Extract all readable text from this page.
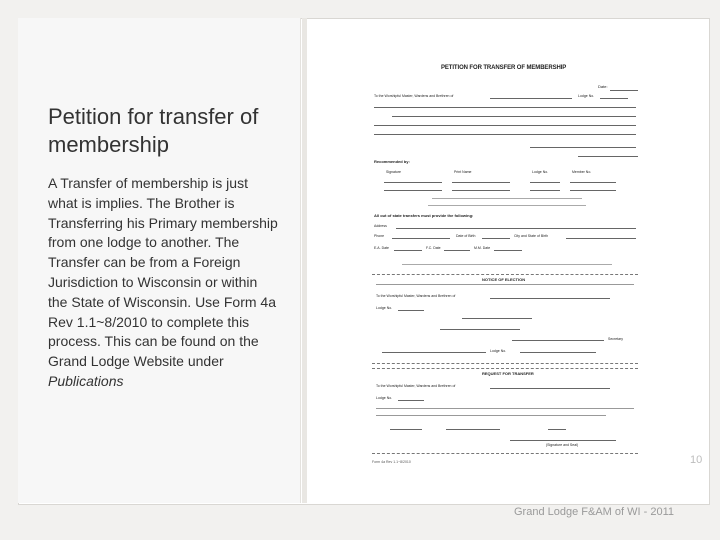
Petition for transfer of membership

A Transfer of membership is just what is implies. The Brother is Transferring his Primary membership from one lodge to another. The Transfer can be from a Foreign Jurisdiction to Wisconsin or within the State of Wisconsin. Use Form 4a Rev 1.1~8/2010 to complete this process. This can be found on the Grand Lodge Website under Publications

PETITION FOR TRANSFER OF MEMBERSHIP
Date:
To the Worshipful Master, Wardens and Brethren of	Lodge No.
Recommended by:
Signature	Print Name	Lodge No.	Member No.
All out of state transfers must provide the following:
Address
Phone	Date of Birth	City and State of Birth
E.A. Date	F.C. Date	M.M. Date
NOTICE OF ELECTION
To the Worshipful Master, Wardens and Brethren of
Lodge No.
Secretary
Lodge No.
REQUEST FOR TRANSFER
To the Worshipful Master, Wardens and Brethren of
Lodge No.
(Signature and Seal)
Form 4a Rev 1.1~8/2010	10
Grand Lodge F&AM of WI - 2011
